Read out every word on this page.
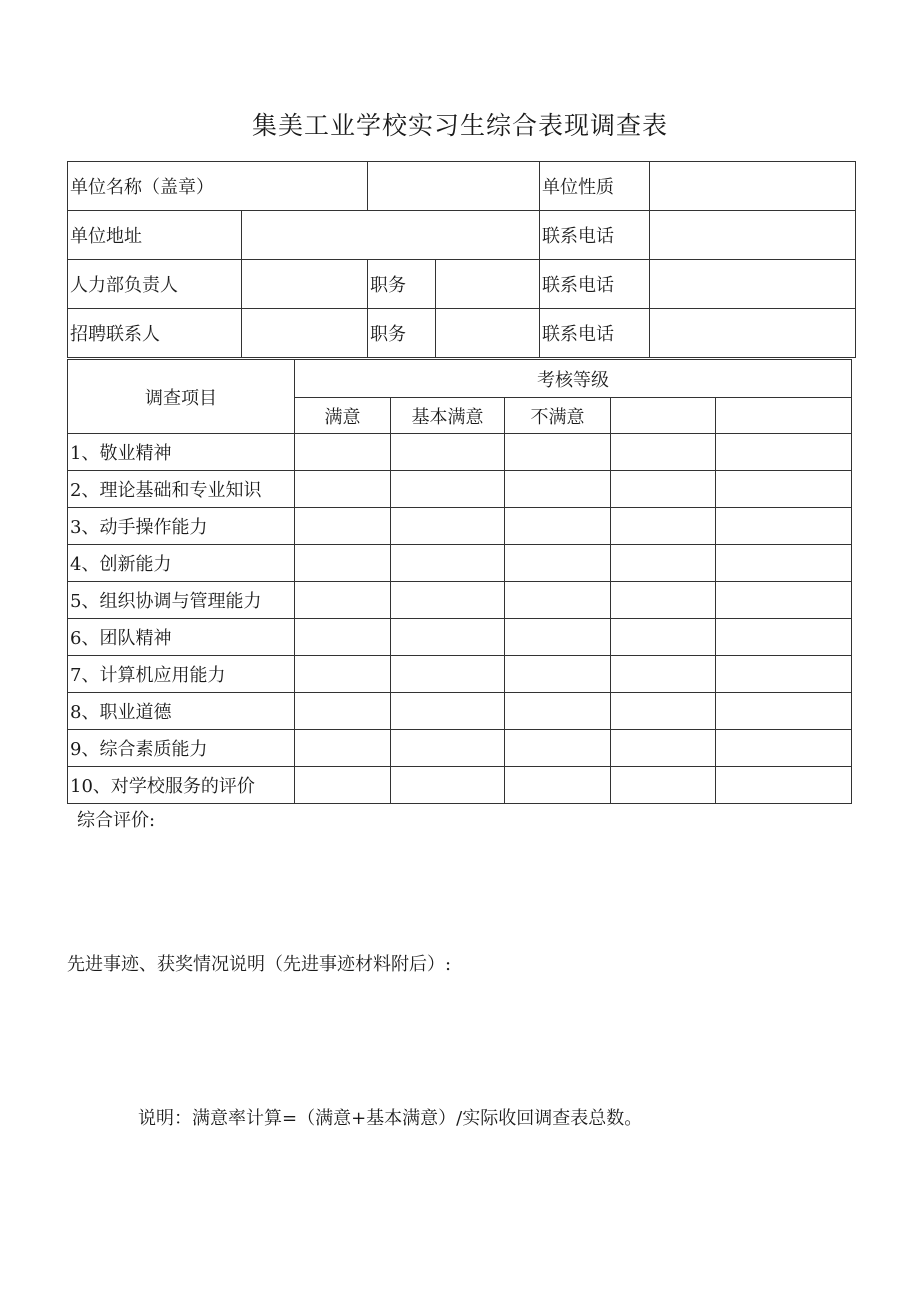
集美工业学校实习生综合表现调查表
单位名称（盖章）				单位性质	
单位地址				联系电话	
人力部负责人		职务		联系电话	
招聘联系人		职务		联系电话	
调查项目	考核等级				
	满意	基本满意	不满意		
1、敬业精神					
2、理论基础和专业知识					
3、动手操作能力					
4、创新能力					
5、组织协调与管理能力					
6、团队精神					
7、计算机应用能力					
8、职业道德					
9、综合素质能力					
10、对学校服务的评价					
综合评价:
先进事迹、获奖情况说明（先进事迹材料附后）:
说明：满意率计算=（满意+基本满意）/实际收回调查表总数。
